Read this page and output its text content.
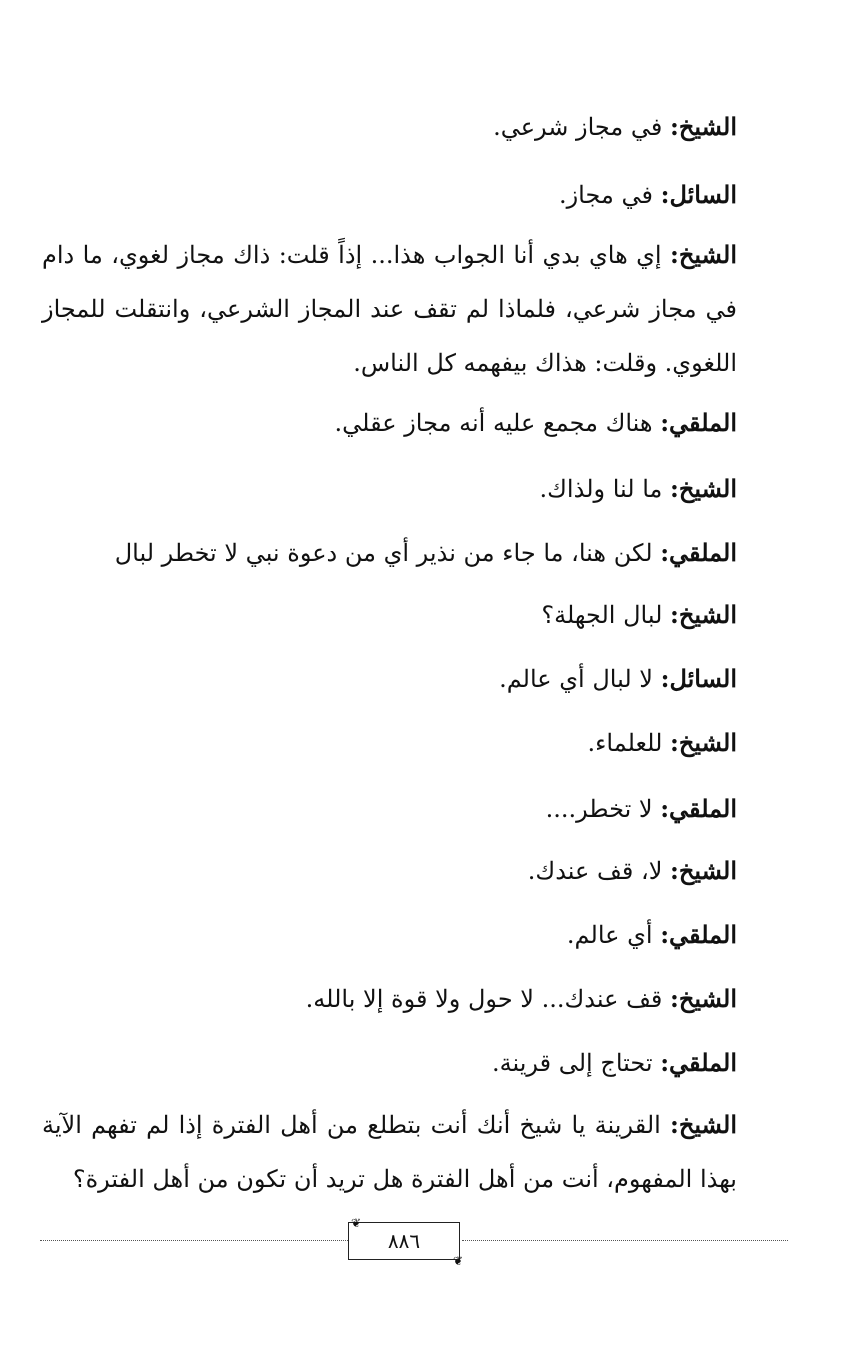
الشيخ: في مجاز شرعي.
السائل: في مجاز.
الشيخ: إي هاي بدي أنا الجواب هذا... إذاً قلت: ذاك مجاز لغوي، ما دام في مجاز شرعي، فلماذا لم تقف عند المجاز الشرعي، وانتقلت للمجاز اللغوي. وقلت: هذاك بيفهمه كل الناس.
الملقي: هناك مجمع عليه أنه مجاز عقلي.
الشيخ: ما لنا ولذاك.
الملقي: لكن هنا، ما جاء من نذير أي من دعوة نبي لا تخطر لبال
الشيخ: لبال الجهلة؟
السائل: لا لبال أي عالم.
الشيخ: للعلماء.
الملقي: لا تخطر....
الشيخ: لا، قف عندك.
الملقي: أي عالم.
الشيخ: قف عندك... لا حول ولا قوة إلا بالله.
الملقي: تحتاج إلى قرينة.
الشيخ: القرينة يا شيخ أنك أنت بتطلع من أهل الفترة إذا لم تفهم الآية بهذا المفهوم، أنت من أهل الفترة هل تريد أن تكون من أهل الفترة؟
❦
٨٨٦
❦
